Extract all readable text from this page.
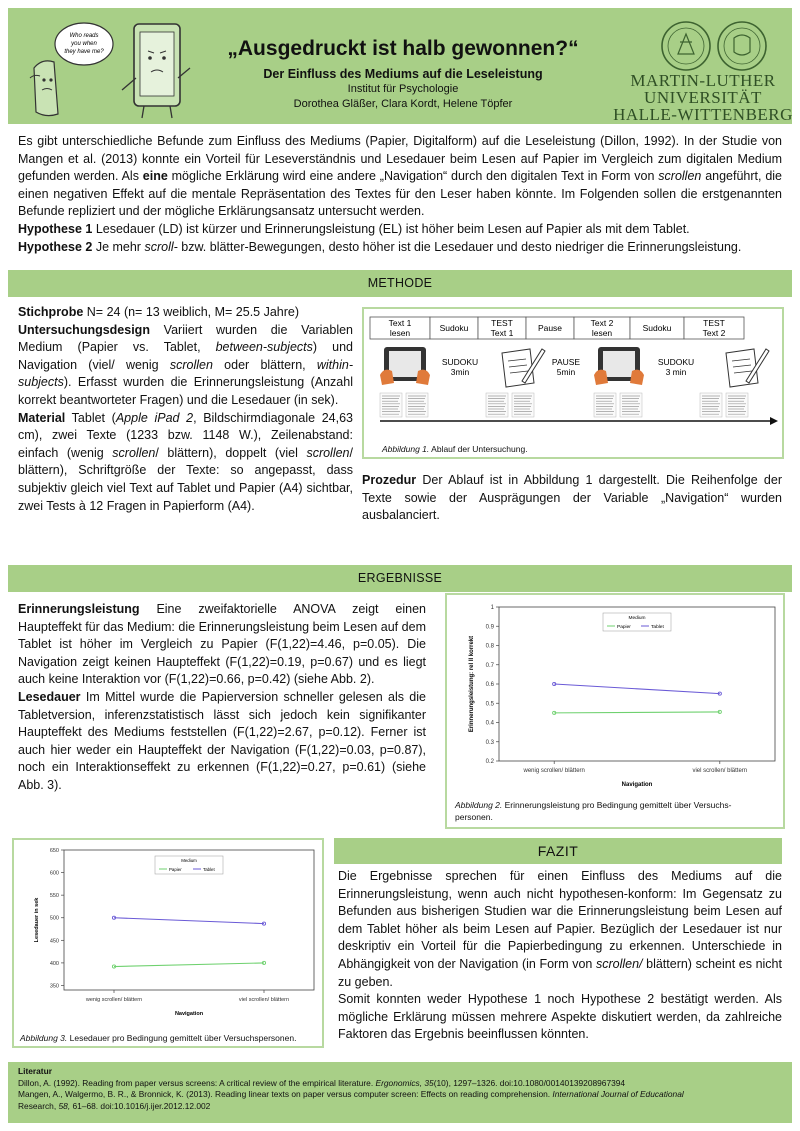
Who reads
you when
they have me?	„Ausgedruckt ist halb gewonnen?“
Der Einfluss des Mediums auf die Leseleistung
Institut für Psychologie
Dorothea Gläßer, Clara Kordt, Helene Töpfer
MARTIN-LUTHER
UNIVERSITÄT
HALLE-WITTENBERG
Es gibt unterschiedliche Befunde zum Einfluss des Mediums (Papier, Digitalform) auf die Leseleistung (Dillon, 1992). In der Studie von Mangen et al. (2013) konnte ein Vorteil für Leseverständnis und Lesedauer beim Lesen auf Papier im Vergleich zum digitalen Medium gefunden werden. Als eine mögliche Erklärung wird eine andere „Navigation“ durch den digitalen Text in Form von scrollen angeführt, die einen negativen Effekt auf die mentale Repräsentation des Textes für den Leser haben könnte. Im Folgenden sollen die erstgenannten Befunde repliziert und der mögliche Erklärungsansatz untersucht werden.
Hypothese 1 Lesedauer (LD) ist kürzer und Erinnerungsleistung (EL) ist höher beim Lesen auf Papier als mit dem Tablet.
Hypothese 2 Je mehr scroll- bzw. blätter-Bewegungen, desto höher ist die Lesedauer und desto niedriger die Erinnerungsleistung.
METHODE
Stichprobe N= 24 (n= 13 weiblich, M= 25.5 Jahre)
Untersuchungsdesign Variiert wurden die Variablen Medium (Papier vs. Tablet, between-subjects) und Navigation (viel/ wenig scrollen oder blättern, within-subjects). Erfasst wurden die Erinnerungsleistung (Anzahl korrekt beantworteter Fragen) und die Lesedauer (in sek).
Material Tablet (Apple iPad 2, Bildschirmdiagonale 24,63 cm), zwei Texte (1233 bzw. 1148 W.), Zeilenabstand: einfach (wenig scrollen/ blättern), doppelt (viel scrollen/ blättern), Schriftgröße der Texte: so angepasst, dass subjektiv gleich viel Text auf Tablet und Papier (A4) sichtbar, zwei Tests à 12 Fragen in Papierform (A4).
Text 1
lesen	Sudoku	TEST
Text 1	Pause	Text 2
lesen	Sudoku	TEST
Text 2
SUDOKU
3min
PAUSE
5min
SUDOKU
3 min
Abbildung 1. Ablauf der Untersuchung.
Prozedur Der Ablauf ist in Abbildung 1 dargestellt. Die Reihenfolge der Texte sowie der Ausprägungen der Variable „Navigation“ wurden ausbalanciert.
ERGEBNISSE
Erinnerungsleistung Eine zweifaktorielle ANOVA zeigt einen Haupteffekt für das Medium: die Erinnerungsleistung beim Lesen auf dem Tablet ist höher im Vergleich zu Papier (F(1,22)=4.46, p=0.05). Die Navigation zeigt keinen Haupteffekt (F(1,22)=0.19, p=0.67) und es liegt auch keine Interaktion vor (F(1,22)=0.66, p=0.42) (siehe Abb. 2).
Lesedauer Im Mittel wurde die Papierversion schneller gelesen als die Tabletversion, inferenzstatistisch lässt sich jedoch kein signifikanter Haupteffekt des Mediums feststellen (F(1,22)=2.67, p=0.12). Ferner ist auch hier weder ein Haupteffekt der Navigation (F(1,22)=0.03, p=0.87), noch ein Interaktionseffekt zu erkennen (F(1,22)=0.27, p=0.61) (siehe Abb. 3).
0.2
0.3
0.4
0.5
0.6
0.7
0.8
0.9
1
wenig scrollen/ blättern	viel scrollen/ blättern
Navigation
Erinnerungsleistung: rel Il korrekt
Medium
Papier	Tablet
Abbildung 2. Erinnerungsleistung pro Bedingung gemittelt über Versuchs-
personen.
350
400
450
500
550
600
650
wenig scrollen/ blättern	viel scrollen/ blättern
Navigation
Lesedauer in sek
Medium
Papier	Tablet
Abbildung 3. Lesedauer pro Bedingung gemittelt über Versuchspersonen.
FAZIT
Die Ergebnisse sprechen für einen Einfluss des Mediums auf die Erinnerungsleistung, wenn auch nicht hypothesen-konform: Im Gegensatz zu Befunden aus bisherigen Studien war die Erinnerungsleistung beim Lesen auf dem Tablet höher als beim Lesen auf Papier. Bezüglich der Lesedauer ist nur deskriptiv ein Vorteil für die Papierbedingung zu erkennen. Unterschiede in Abhängigkeit von der Navigation (in Form von scrollen/ blättern) scheint es nicht zu geben.
Somit konnten weder Hypothese 1 noch Hypothese 2 bestätigt werden. Als mögliche Erklärung müssen mehrere Aspekte diskutiert werden, da zahlreiche Faktoren das Ergebnis beeinflussen könnten.
Literatur
Dillon, A. (1992). Reading from paper versus screens: A critical review of the empirical literature. Ergonomics, 35(10), 1297–1326. doi:10.1080/00140139208967394
Mangen, A., Walgermo, B. R., & Bronnick, K. (2013). Reading linear texts on paper versus computer screen: Effects on reading comprehension. International Journal of Educational
Research, 58, 61–68. doi:10.1016/j.ijer.2012.12.002
